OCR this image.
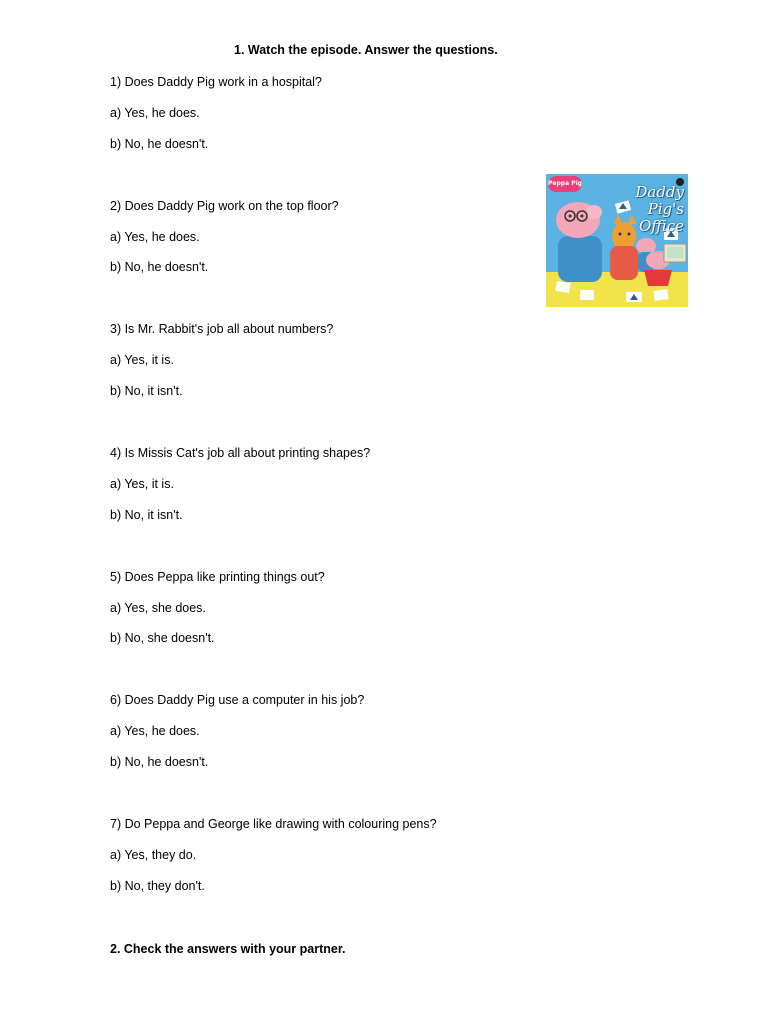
1. Watch the episode. Answer the questions.
1) Does Daddy Pig work in a hospital?
a) Yes, he does.
b) No, he doesn't.
2) Does Daddy Pig work on the top floor?
a) Yes, he does.
b) No, he doesn't.
3) Is Mr. Rabbit's job all about numbers?
a) Yes, it is.
b) No, it isn't.
4) Is Missis Cat's job all about printing shapes?
a) Yes, it is.
b) No, it isn't.
5) Does Peppa like printing things out?
a) Yes, she does.
b) No, she doesn't.
6) Does Daddy Pig use a computer in his job?
a) Yes, he does.
b) No, he doesn't.
7) Do Peppa and George like drawing with colouring pens?
a) Yes, they do.
b) No, they don't.
2. Check the answers with your partner.
Peppa Pig	Daddy Pig's
Office
